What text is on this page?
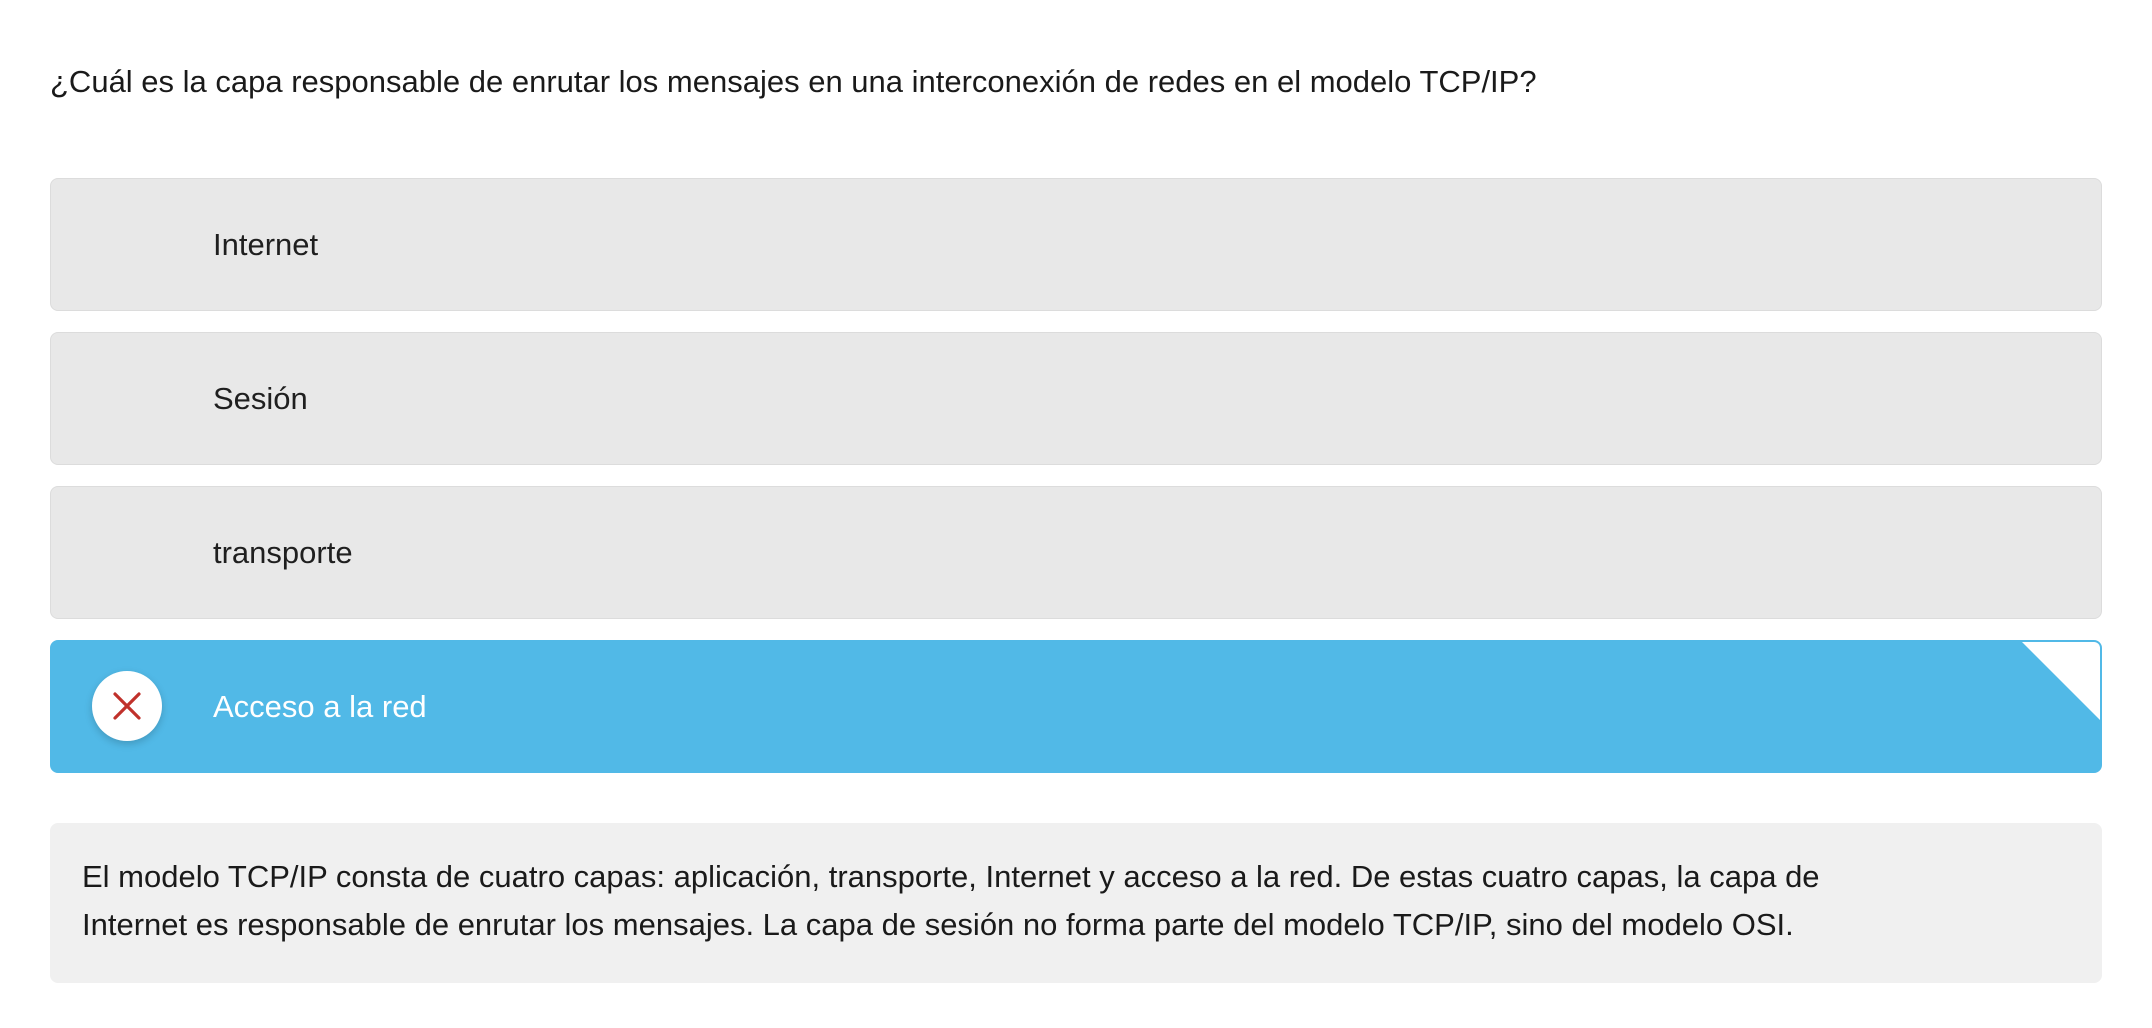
¿Cuál es la capa responsable de enrutar los mensajes en una interconexión de redes en el modelo TCP/IP?
Internet
Sesión
transporte
Acceso a la red
El modelo TCP/IP consta de cuatro capas: aplicación, transporte, Internet y acceso a la red. De estas cuatro capas, la capa de
Internet es responsable de enrutar los mensajes. La capa de sesión no forma parte del modelo TCP/IP, sino del modelo OSI.
